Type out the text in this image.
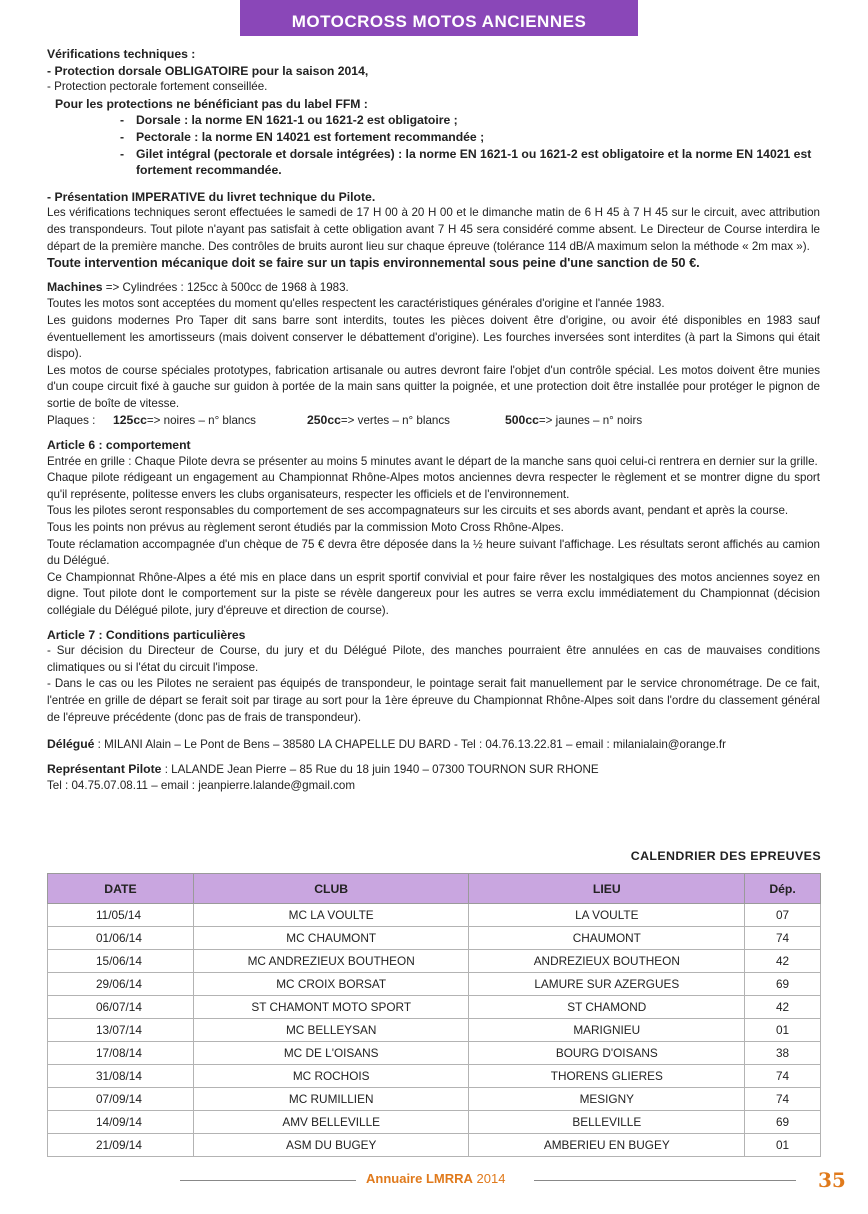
MOTOCROSS MOTOS ANCIENNES

Vérifications techniques :

- Protection dorsale OBLIGATOIRE pour la saison 2014,

- Protection pectorale fortement conseillée.

Pour les protections ne bénéficiant pas du label FFM :

- Dorsale : la norme EN 1621-1 ou 1621-2 est obligatoire ;
- Pectorale : la norme EN 14021 est fortement recommandée ;
- Gilet intégral (pectorale et dorsale intégrées) : la norme EN 1621-1 ou 1621-2 est obligatoire et la norme EN 14021 est fortement recommandée.

- Présentation IMPERATIVE du livret technique du Pilote.

Les vérifications techniques seront effectuées le samedi de 17 H 00 à 20 H 00 et le dimanche matin de 6 H 45 à 7 H 45 sur le circuit, avec attribution des transpondeurs. Tout pilote n'ayant pas satisfait à cette obligation avant 7 H 45 sera considéré comme absent. Le Directeur de Course interdira le départ de la première manche. Des contrôles de bruits auront lieu sur chaque épreuve (tolérance 114 dB/A maximum selon la méthode « 2m max »).

Toute intervention mécanique doit se faire sur un tapis environnemental sous peine d'une sanction de 50 €.

Machines => Cylindrées : 125cc à 500cc de 1968 à 1983.

Toutes les motos sont acceptées du moment qu'elles respectent les caractéristiques générales d'origine et l'année 1983.

Les guidons modernes Pro Taper dit sans barre sont interdits, toutes les pièces doivent être d'origine, ou avoir été disponibles en 1983 sauf éventuellement les amortisseurs (mais doivent conserver le débattement d'origine). Les fourches inversées sont interdites (à part la Simons qui était dispo).

Les motos de course spéciales prototypes, fabrication artisanale ou autres devront faire l'objet d'un contrôle spécial. Les motos doivent être munies d'un coupe circuit fixé à gauche sur guidon à portée de la main sans quitter la poignée, et une protection doit être installée pour protéger le pignon de sortie de boîte de vitesse.

Plaques : 125cc=> noires – n° blancs	250cc=> vertes – n° blancs	500cc=> jaunes – n° noirs

Article 6 : comportement

Entrée en grille : Chaque Pilote devra se présenter au moins 5 minutes avant le départ de la manche sans quoi celui-ci rentrera en dernier sur la grille.

Chaque pilote rédigeant un engagement au Championnat Rhône-Alpes motos anciennes devra respecter le règlement et se montrer digne du sport qu'il représente, politesse envers les clubs organisateurs, respecter les officiels et de l'environnement.

Tous les pilotes seront responsables du comportement de ses accompagnateurs sur les circuits et ses abords avant, pendant et après la course.

Tous les points non prévus au règlement seront étudiés par la commission Moto Cross Rhône-Alpes.

Toute réclamation accompagnée d'un chèque de 75 € devra être déposée dans la ½ heure suivant l'affichage. Les résultats seront affichés au camion du Délégué.

Ce Championnat Rhône-Alpes a été mis en place dans un esprit sportif convivial et pour faire rêver les nostalgiques des motos anciennes soyez en digne. Tout pilote dont le comportement sur la piste se révèle dangereux pour les autres se verra exclu immédiatement du Championnat (décision collégiale du Délégué pilote, jury d'épreuve et direction de course).

Article 7 : Conditions particulières

- Sur décision du Directeur de Course, du jury et du Délégué Pilote, des manches pourraient être annulées en cas de mauvaises conditions climatiques ou si l'état du circuit l'impose.

- Dans le cas ou les Pilotes ne seraient pas équipés de transpondeur, le pointage serait fait manuellement par le service chronométrage. De ce fait, l'entrée en grille de départ se ferait soit par tirage au sort pour la 1ère épreuve du Championnat Rhône-Alpes soit dans l'ordre du classement général de l'épreuve précédente (donc pas de frais de transpondeur).

Délégué : MILANI Alain – Le Pont de Bens – 38580 LA CHAPELLE DU BARD - Tel : 04.76.13.22.81 – email : milanialain@orange.fr

Représentant Pilote : LALANDE Jean Pierre – 85 Rue du 18 juin 1940 – 07300 TOURNON SUR RHONE

Tel : 04.75.07.08.11 – email : jeanpierre.lalande@gmail.com

CALENDRIER DES EPREUVES
DATE	CLUB	LIEU	Dép.
11/05/14	MC LA VOULTE	LA VOULTE	07
01/06/14	MC CHAUMONT	CHAUMONT	74
15/06/14	MC ANDREZIEUX BOUTHEON	ANDREZIEUX BOUTHEON	42
29/06/14	MC CROIX BORSAT	LAMURE SUR AZERGUES	69
06/07/14	ST CHAMONT MOTO SPORT	ST CHAMOND	42
13/07/14	MC BELLEYSAN	MARIGNIEU	01
17/08/14	MC DE L'OISANS	BOURG D'OISANS	38
31/08/14	MC ROCHOIS	THORENS GLIERES	74
07/09/14	MC RUMILLIEN	MESIGNY	74
14/09/14	AMV BELLEVILLE	BELLEVILLE	69
21/09/14	ASM DU BUGEY	AMBERIEU EN BUGEY	01
Annuaire LMRRA 2014	35
